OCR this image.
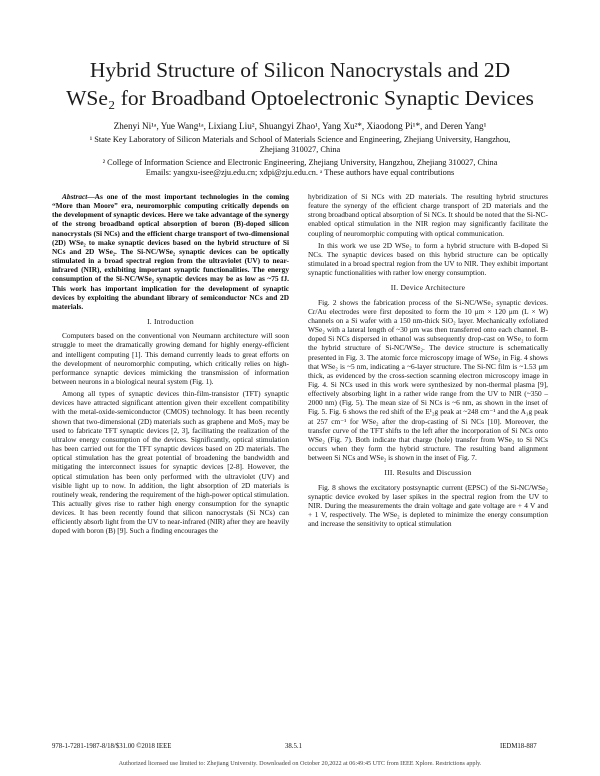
Hybrid Structure of Silicon Nanocrystals and 2D
WSe₂ for Broadband Optoelectronic Synaptic Devices
Zhenyi Ni¹ᵃ, Yue Wang¹ᵃ, Lixiang Liu², Shuangyi Zhao¹, Yang Xu²*, Xiaodong Pi¹*, and Deren Yang¹
¹ State Key Laboratory of Silicon Materials and School of Materials Science and Engineering, Zhejiang University, Hangzhou,
Zhejiang 310027, China
² College of Information Science and Electronic Engineering, Zhejiang University, Hangzhou, Zhejiang 310027, China
Emails: yangxu-isee@zju.edu.cn; xdpi@zju.edu.cn. ᵃ These authors have equal contributions

Abstract—As one of the most important technologies in the coming “More than Moore” era, neuromorphic computing critically depends on the development of synaptic devices. Here we take advantage of the synergy of the strong broadband optical absorption of boron (B)-doped silicon nanocrystals (Si NCs) and the efficient charge transport of two-dimensional (2D) WSe₂ to make synaptic devices based on the hybrid structure of Si NCs and 2D WSe₂. The Si-NC/WSe₂ synaptic devices can be optically stimulated in a broad spectral region from the ultraviolet (UV) to near-infrared (NIR), exhibiting important synaptic functionalities. The energy consumption of the Si-NC/WSe₂ synaptic devices may be as low as ~75 fJ. This work has important implication for the development of synaptic devices by exploiting the abundant library of semiconductor NCs and 2D materials.

I. Introduction

Computers based on the conventional von Neumann architecture will soon struggle to meet the dramatically growing demand for highly energy-efficient and intelligent computing [1]. This demand currently leads to great efforts on the development of neuromorphic computing, which critically relies on high-performance synaptic devices mimicking the transmission of information between neurons in a biological neural system (Fig. 1).

Among all types of synaptic devices thin-film-transistor (TFT) synaptic devices have attracted significant attention given their excellent compatibility with the metal-oxide-semiconductor (CMOS) technology. It has been recently shown that two-dimensional (2D) materials such as graphene and MoS₂ may be used to fabricate TFT synaptic devices [2, 3], facilitating the realization of the ultralow energy consumption of the devices. Significantly, optical stimulation has been carried out for the TFT synaptic devices based on 2D materials. The optical stimulation has the great potential of broadening the bandwidth and mitigating the interconnect issues for synaptic devices [2-8]. However, the optical stimulation has been only performed with the ultraviolet (UV) and visible light up to now. In addition, the light absorption of 2D materials is routinely weak, rendering the requirement of the high-power optical stimulation. This actually gives rise to rather high energy consumption for the synaptic devices. It has been recently found that silicon nanocrystals (Si NCs) can efficiently absorb light from the UV to near-infrared (NIR) after they are heavily doped with boron (B) [9]. Such a finding encourages the

hybridization of Si NCs with 2D materials. The resulting hybrid structures feature the synergy of the efficient charge transport of 2D materials and the strong broadband optical absorption of Si NCs. It should be noted that the Si-NC-enabled optical stimulation in the NIR region may significantly facilitate the coupling of neuromorphic computing with optical communication.

In this work we use 2D WSe₂ to form a hybrid structure with B-doped Si NCs. The synaptic devices based on this hybrid structure can be optically stimulated in a broad spectral region from the UV to NIR. They exhibit important synaptic functionalities with rather low energy consumption.

II. Device Architecture

Fig. 2 shows the fabrication process of the Si-NC/WSe₂ synaptic devices. Cr/Au electrodes were first deposited to form the 10 μm × 120 μm (L × W) channels on a Si wafer with a 150 nm-thick SiO₂ layer. Mechanically exfoliated WSe₂ with a lateral length of ~30 μm was then transferred onto each channel. B-doped Si NCs dispersed in ethanol was subsequently drop-cast on WSe₂ to form the hybrid structure of Si-NC/WSe₂. The device structure is schematically presented in Fig. 3. The atomic force microscopy image of WSe₂ in Fig. 4 shows that WSe₂ is ~5 nm, indicating a ~6-layer structure. The Si-NC film is ~1.53 μm thick, as evidenced by the cross-section scanning electron microscopy image in Fig. 4. Si NCs used in this work were synthesized by non-thermal plasma [9], effectively absorbing light in a rather wide range from the UV to NIR (~350 – 2000 nm) (Fig. 5). The mean size of Si NCs is ~6 nm, as shown in the inset of Fig. 5. Fig. 6 shows the red shift of the E¹₂g peak at ~248 cm⁻¹ and the A₁g peak at 257 cm⁻¹ for WSe₂ after the drop-casting of Si NCs [10]. Moreover, the transfer curve of the TFT shifts to the left after the incorporation of Si NCs onto WSe₂ (Fig. 7). Both indicate that charge (hole) transfer from WSe₂ to Si NCs occurs when they form the hybrid structure. The resulting band alignment between Si NCs and WSe₂ is shown in the inset of Fig. 7.

III. Results and Discussion

Fig. 8 shows the excitatory postsynaptic current (EPSC) of the Si-NC/WSe₂ synaptic device evoked by laser spikes in the spectral region from the UV to NIR. During the measurements the drain voltage and gate voltage are + 4 V and + 1 V, respectively. The WSe₂ is depleted to minimize the energy consumption and increase the sensitivity to optical stimulation

978-1-7281-1987-8/18/$31.00 ©2018 IEEE	38.5.1	IEDM18-887
Authorized licensed use limited to: Zhejiang University. Downloaded on October 20,2022 at 06:49:45 UTC from IEEE Xplore. Restrictions apply.
